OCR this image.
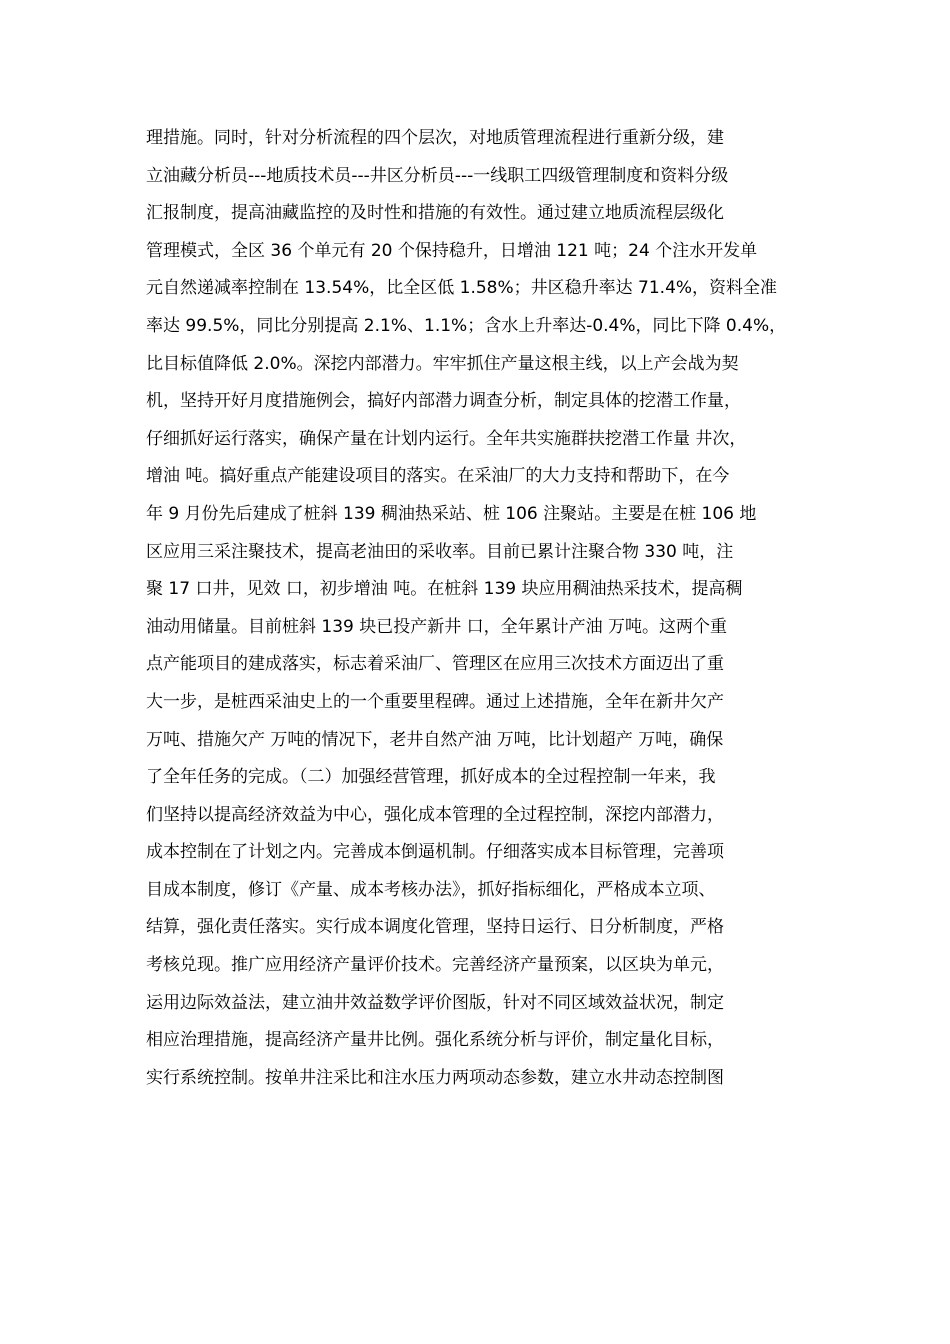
理措施。同时，针对分析流程的四个层次，对地质管理流程进行重新分级，建
立油藏分析员---地质技术员---井区分析员---一线职工四级管理制度和资料分级
汇报制度，提高油藏监控的及时性和措施的有效性。通过建立地质流程层级化
管理模式，全区 36 个单元有 20 个保持稳升，日增油 121 吨；24 个注水开发单
元自然递减率控制在 13.54%，比全区低 1.58%；井区稳升率达 71.4%，资料全准
率达 99.5%，同比分别提高 2.1%、1.1%；含水上升率达-0.4%，同比下降 0.4%，
比目标值降低 2.0%。深挖内部潜力。牢牢抓住产量这根主线，以上产会战为契
机，坚持开好月度措施例会，搞好内部潜力调查分析，制定具体的挖潜工作量，
仔细抓好运行落实，确保产量在计划内运行。全年共实施群扶挖潜工作量 井次，
增油 吨。搞好重点产能建设项目的落实。在采油厂的大力支持和帮助下，在今
年 9 月份先后建成了桩斜 139 稠油热采站、桩 106 注聚站。主要是在桩 106 地
区应用三采注聚技术，提高老油田的采收率。目前已累计注聚合物 330 吨，注
聚 17 口井，见效 口，初步增油 吨。在桩斜 139 块应用稠油热采技术，提高稠
油动用储量。目前桩斜 139 块已投产新井 口，全年累计产油 万吨。这两个重
点产能项目的建成落实，标志着采油厂、管理区在应用三次技术方面迈出了重
大一步，是桩西采油史上的一个重要里程碑。通过上述措施，全年在新井欠产
万吨、措施欠产 万吨的情况下，老井自然产油 万吨，比计划超产 万吨，确保
了全年任务的完成。（二）加强经营管理，抓好成本的全过程控制一年来，我
们坚持以提高经济效益为中心，强化成本管理的全过程控制，深挖内部潜力，
成本控制在了计划之内。完善成本倒逼机制。仔细落实成本目标管理，完善项
目成本制度，修订《产量、成本考核办法》，抓好指标细化，严格成本立项、
结算，强化责任落实。实行成本调度化管理，坚持日运行、日分析制度，严格
考核兑现。推广应用经济产量评价技术。完善经济产量预案，以区块为单元，
运用边际效益法，建立油井效益数学评价图版，针对不同区域效益状况，制定
相应治理措施，提高经济产量井比例。强化系统分析与评价，制定量化目标，
实行系统控制。按单井注采比和注水压力两项动态参数，建立水井动态控制图
